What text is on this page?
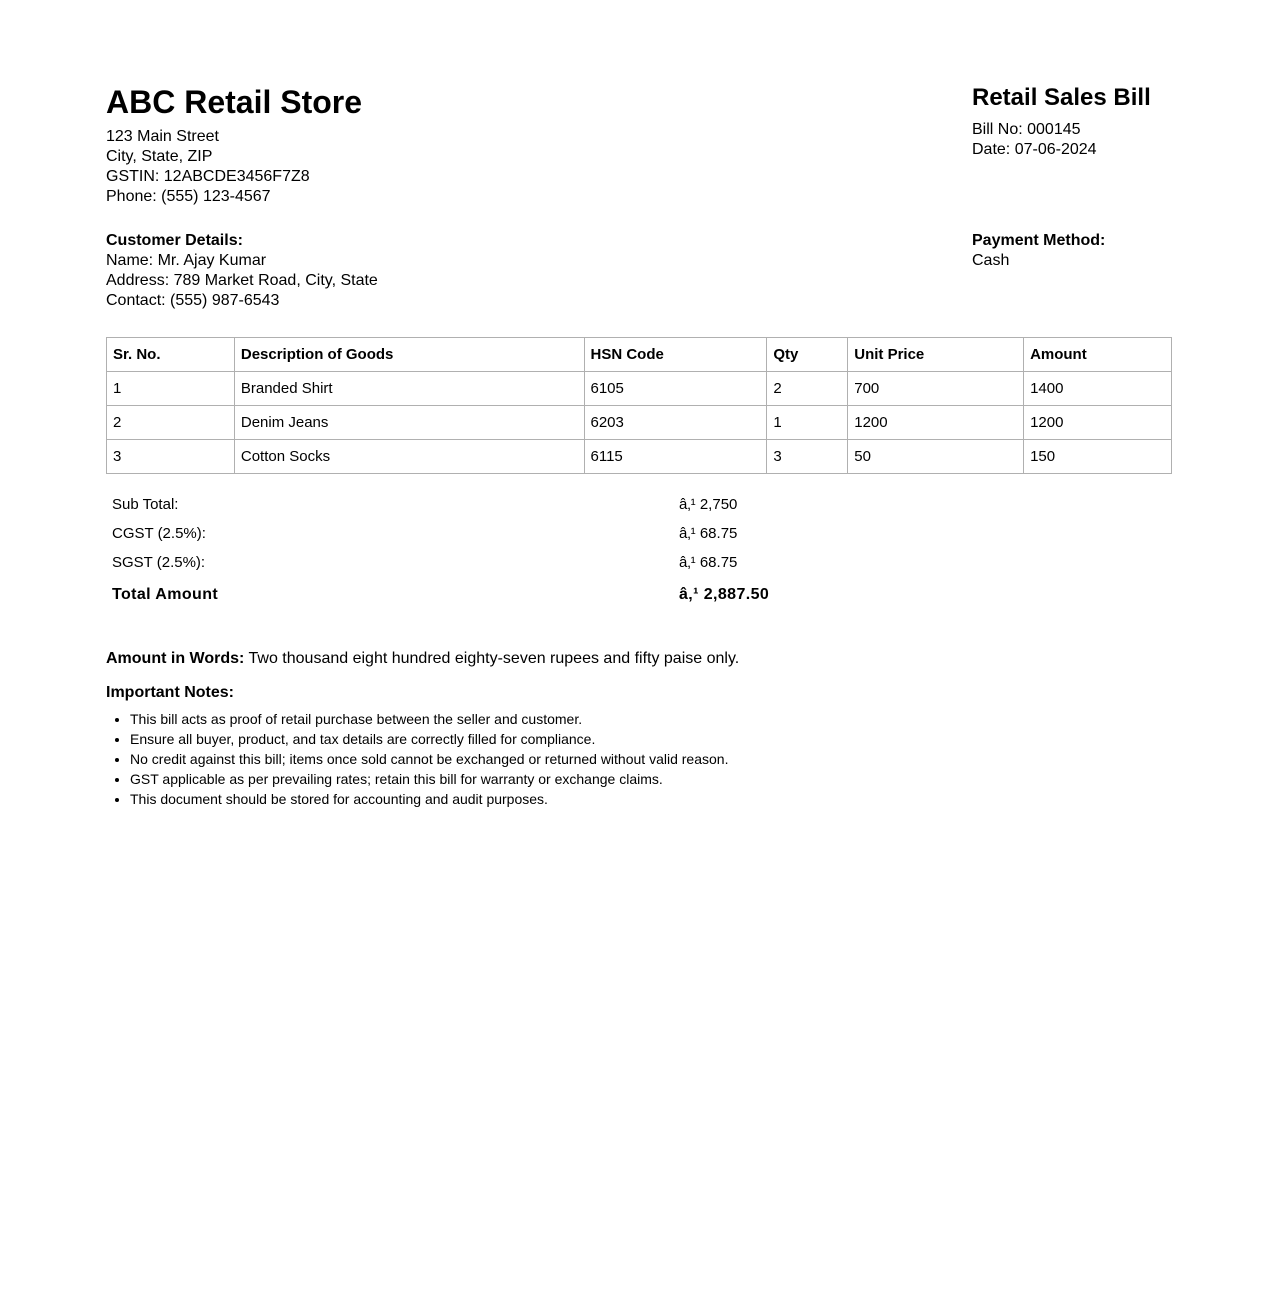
ABC Retail Store
123 Main Street
City, State, ZIP
GSTIN: 12ABCDE3456F7Z8
Phone: (555) 123-4567
Retail Sales Bill
Bill No: 000145
Date: 07-06-2024
Customer Details:
Name: Mr. Ajay Kumar
Address: 789 Market Road, City, State
Contact: (555) 987-6543
Payment Method:
Cash
Sr. No.	Description of Goods	HSN Code	Qty	Unit Price	Amount
1	Branded Shirt	6105	2	700	1400
2	Denim Jeans	6203	1	1200	1200
3	Cotton Socks	6115	3	50	150
Sub Total:	â‚¹ 2,750
CGST (2.5%):	â‚¹ 68.75
SGST (2.5%):	â‚¹ 68.75
Total Amount	â‚¹ 2,887.50
Amount in Words: Two thousand eight hundred eighty-seven rupees and fifty paise only.
Important Notes:
• This bill acts as proof of retail purchase between the seller and customer.
• Ensure all buyer, product, and tax details are correctly filled for compliance.
• No credit against this bill; items once sold cannot be exchanged or returned without valid reason.
• GST applicable as per prevailing rates; retain this bill for warranty or exchange claims.
• This document should be stored for accounting and audit purposes.
